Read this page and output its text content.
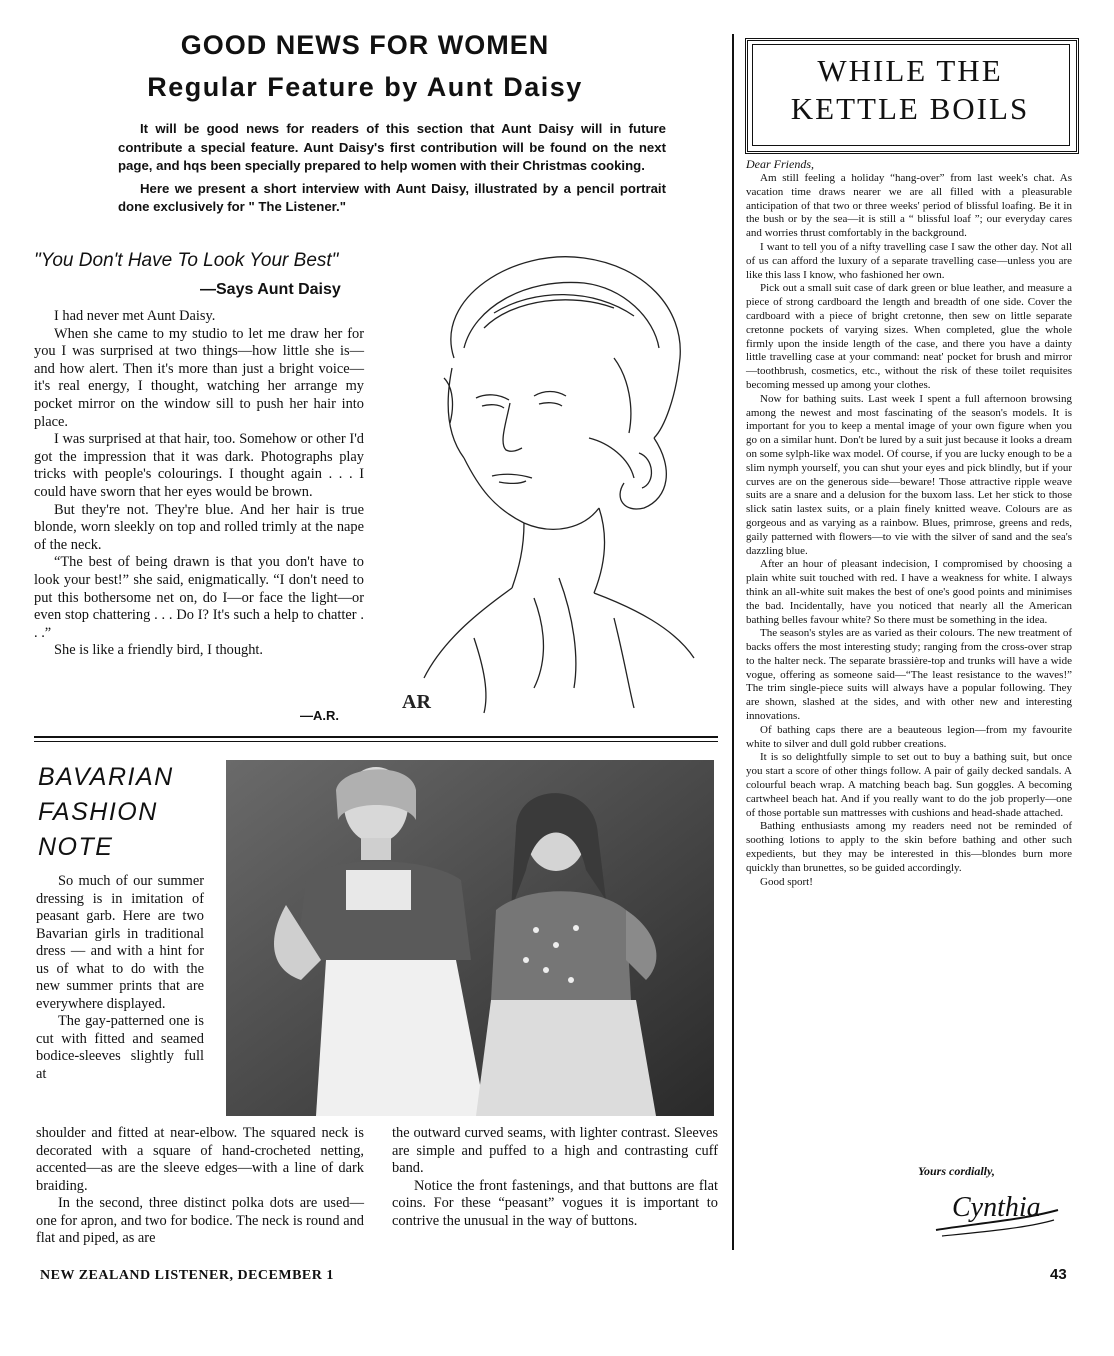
GOOD NEWS FOR WOMEN
Regular Feature by Aunt Daisy

It will be good news for readers of this section that Aunt Daisy will in future contribute a special feature. Aunt Daisy's first contribution will be found on the next page, and hqs been specially prepared to help women with their Christmas cooking.

Here we present a short interview with Aunt Daisy, illustrated by a pencil portrait done exclusively for " The Listener."

"You Don't Have To Look Your Best"
—Says Aunt Daisy

I had never met Aunt Daisy.

When she came to my studio to let me draw her for you I was surprised at two things—how little she is—and how alert. Then it's more than just a bright voice—it's real energy, I thought, watching her arrange my pocket mirror on the window sill to push her hair into place.

I was surprised at that hair, too. Somehow or other I'd got the impression that it was dark. Photographs play tricks with people's colourings. I thought again . . . I could have sworn that her eyes would be brown.

But they're not. They're blue. And her hair is true blonde, worn sleekly on top and rolled trimly at the nape of the neck.

“The best of being drawn is that you don't have to look your best!” she said, enigmatically. “I don't need to put this bothersome net on, do I—or face the light—or even stop chattering . . . Do I? It's such a help to chatter . . .”

She is like a friendly bird, I thought.

—A.R.
AR
BAVARIAN
FASHION
NOTE

So much of our summer dressing is in imitation of peasant garb. Here are two Bavarian girls in traditional dress — and with a hint for us of what to do with the new summer prints that are everywhere displayed.

The gay-patterned one is cut with fitted and seamed bodice-sleeves slightly full at

shoulder and fitted at near-elbow. The squared neck is decorated with a square of hand-crocheted netting, accented—as are the sleeve edges—with a line of dark braiding.

In the second, three distinct polka dots are used—one for apron, and two for bodice. The neck is round and flat and piped, as are

the outward curved seams, with lighter contrast. Sleeves are simple and puffed to a high and contrasting cuff band.

Notice the front fastenings, and that buttons are flat coins. For these “peasant” vogues it is important to contrive the unusual in the way of buttons.

WHILE THE
KETTLE BOILS
Dear Friends,

Am still feeling a holiday “hang-over” from last week's chat. As vacation time draws nearer we are all filled with a pleasurable anticipation of that two or three weeks' period of blissful loafing. Be it in the bush or by the sea—it is still a “ blissful loaf ”; our everyday cares and worries thrust comfortably in the background.

I want to tell you of a nifty travelling case I saw the other day. Not all of us can afford the luxury of a separate travelling case—unless you are like this lass I know, who fashioned her own.

Pick out a small suit case of dark green or blue leather, and measure a piece of strong cardboard the length and breadth of one side. Cover the cardboard with a piece of bright cretonne, then sew on little separate cretonne pockets of varying sizes. When completed, glue the whole firmly upon the inside length of the case, and there you have a dainty little travelling case at your command: neat' pocket for brush and mirror—toothbrush, cosmetics, etc., without the risk of these toilet requisites becoming messed up among your clothes.

Now for bathing suits. Last week I spent a full afternoon browsing among the newest and most fascinating of the season's models. It is important for you to keep a mental image of your own figure when you go on a similar hunt. Don't be lured by a suit just because it looks a dream on some sylph-like wax model. Of course, if you are lucky enough to be a slim nymph yourself, you can shut your eyes and pick blindly, but if your curves are on the generous side—beware! Those attractive ripple weave suits are a snare and a delusion for the buxom lass. Let her stick to those slick satin lastex suits, or a plain finely knitted weave. Colours are as gorgeous and as varying as a rainbow. Blues, primrose, greens and reds, gaily patterned with flowers—to vie with the silver of sand and the sea's dazzling blue.

After an hour of pleasant indecision, I compromised by choosing a plain white suit touched with red. I have a weakness for white. I always think an all-white suit makes the best of one's good points and minimises the bad. Incidentally, have you noticed that nearly all the American bathing belles favour white? So there must be something in the idea.

The season's styles are as varied as their colours. The new treatment of backs offers the most interesting study; ranging from the cross-over strap to the halter neck. The separate brassière-top and trunks will have a wide vogue, offering as someone said—“The least resistance to the waves!” The trim single-piece suits will always have a popular following. They are shown, slashed at the sides, and with other new and interesting innovations.

Of bathing caps there are a beauteous legion—from my favourite white to silver and dull gold rubber creations.

It is so delightfully simple to set out to buy a bathing suit, but once you start a score of other things follow. A pair of gaily decked sandals. A colourful beach wrap. A matching beach bag. Sun goggles. A becoming cartwheel beach hat. And if you really want to do the job properly—one of those portable sun mattresses with cushions and head-shade attached.

Bathing enthusiasts among my readers need not be reminded of soothing lotions to apply to the skin before bathing and other such expedients, but they may be interested in this—blondes burn more quickly than brunettes, so be guided accordingly.

Good sport!

Yours cordially,
Cynthia
NEW ZEALAND LISTENER, DECEMBER 1	43
